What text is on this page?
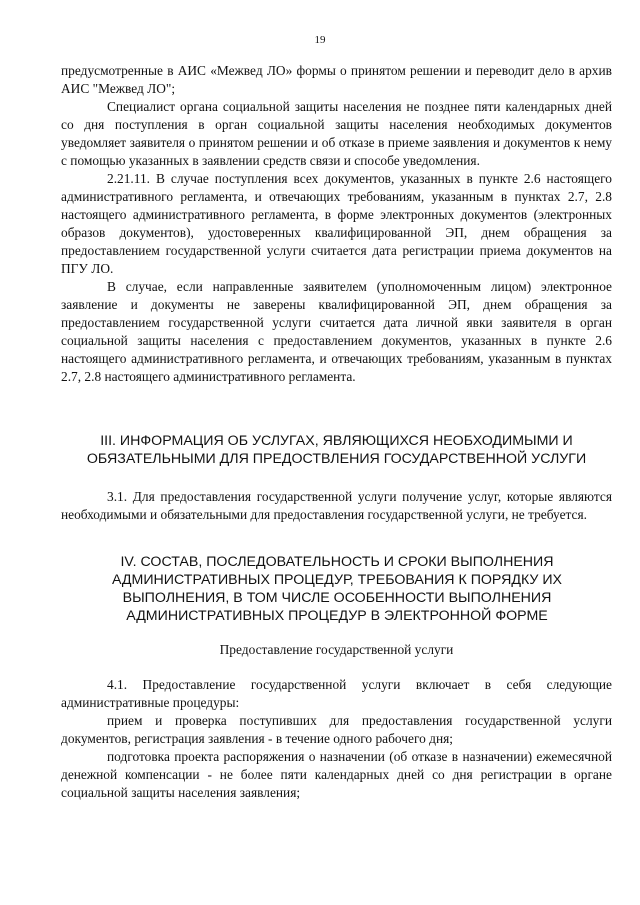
19

предусмотренные в АИС «Межвед ЛО» формы о принятом решении и переводит дело в архив АИС "Межвед ЛО";

Специалист органа социальной защиты населения не позднее пяти календарных дней со дня поступления в орган социальной защиты населения необходимых документов уведомляет заявителя о принятом решении и об отказе в приеме заявления и документов к нему с помощью указанных в заявлении средств связи и способе уведомления.

2.21.11. В случае поступления всех документов, указанных в пункте 2.6 настоящего административного регламента, и отвечающих требованиям, указанным в пунктах 2.7, 2.8 настоящего административного регламента, в форме электронных документов (электронных образов документов), удостоверенных квалифицированной ЭП, днем обращения за предоставлением государственной услуги считается дата регистрации приема документов на ПГУ ЛО.

В случае, если направленные заявителем (уполномоченным лицом) электронное заявление и документы не заверены квалифицированной ЭП, днем обращения за предоставлением государственной услуги считается дата личной явки заявителя в орган социальной защиты населения с предоставлением документов, указанных в пункте 2.6 настоящего административного регламента, и отвечающих требованиям, указанным в пунктах 2.7, 2.8 настоящего административного регламента.

III. ИНФОРМАЦИЯ ОБ УСЛУГАХ, ЯВЛЯЮЩИХСЯ НЕОБХОДИМЫМИ И ОБЯЗАТЕЛЬНЫМИ ДЛЯ ПРЕДОСТВЛЕНИЯ ГОСУДАРСТВЕННОЙ УСЛУГИ

3.1. Для предоставления государственной услуги получение услуг, которые являются необходимыми и обязательными для предоставления государственной услуги, не требуется.

IV. СОСТАВ, ПОСЛЕДОВАТЕЛЬНОСТЬ И СРОКИ ВЫПОЛНЕНИЯ АДМИНИСТРАТИВНЫХ ПРОЦЕДУР, ТРЕБОВАНИЯ К ПОРЯДКУ ИХ ВЫПОЛНЕНИЯ, В ТОМ ЧИСЛЕ ОСОБЕННОСТИ ВЫПОЛНЕНИЯ АДМИНИСТРАТИВНЫХ ПРОЦЕДУР В ЭЛЕКТРОННОЙ ФОРМЕ
Предоставление государственной услуги

4.1. Предоставление государственной услуги включает в себя следующие административные процедуры:

прием и проверка поступивших для предоставления государственной услуги документов, регистрация заявления - в течение одного рабочего дня;

подготовка проекта распоряжения о назначении (об отказе в назначении) ежемесячной денежной компенсации - не более пяти календарных дней со дня регистрации в органе социальной защиты населения заявления;
